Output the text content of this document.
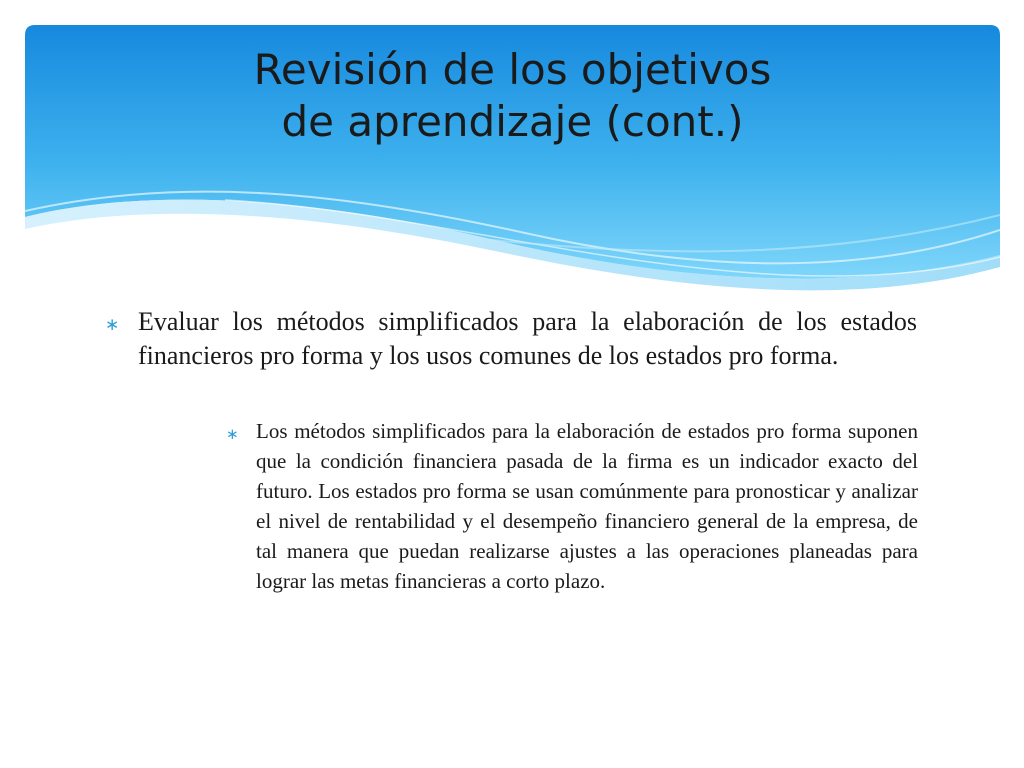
Revisión de los objetivos
de aprendizaje (cont.)
∗ Evaluar los métodos simplificados para la elaboración de los estados financieros pro forma y los usos comunes de los estados pro forma.
∗ Los métodos simplificados para la elaboración de estados pro forma suponen que la condición financiera pasada de la firma es un indicador exacto del futuro. Los estados pro forma se usan comúnmente para pronosticar y analizar el nivel de rentabilidad y el desempeño financiero general de la empresa, de tal manera que puedan realizarse ajustes a las operaciones planeadas para lograr las metas financieras a corto plazo.
